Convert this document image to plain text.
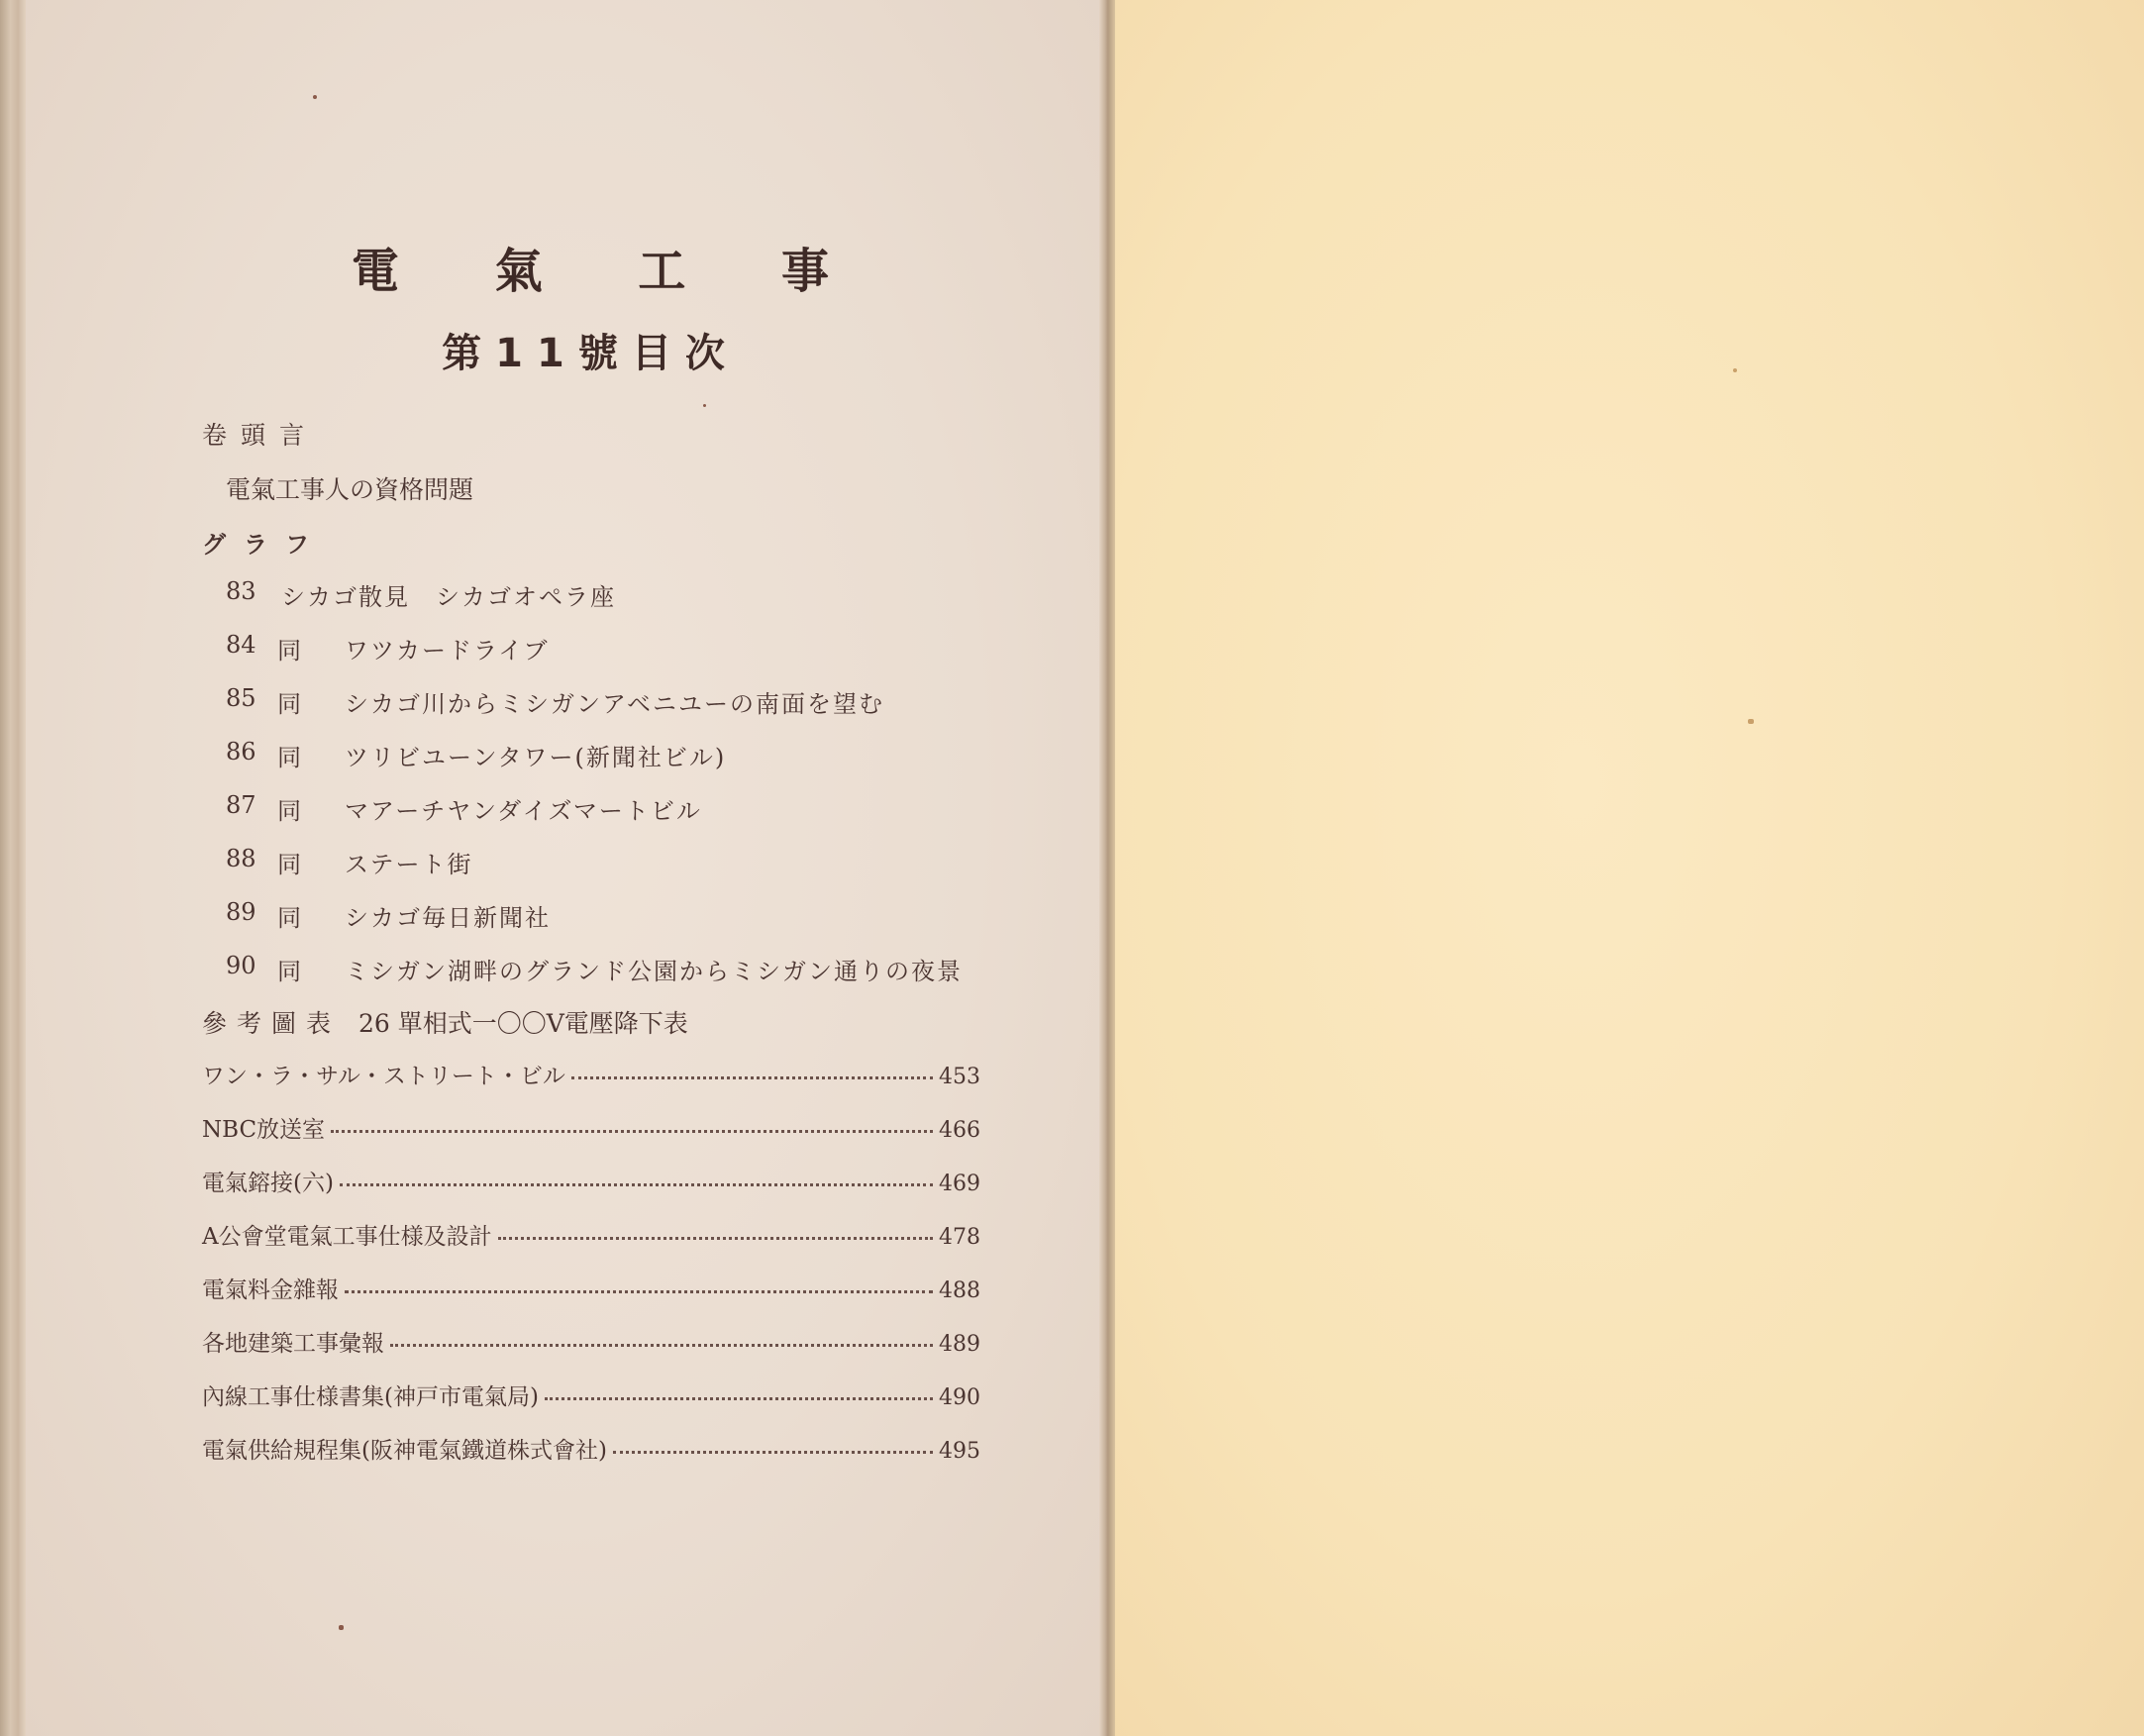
電 氣 工 事
第11號目次
卷頭言
電氣工事人の資格問題
グラフ
83	シカゴ散見　シカゴオペラ座
84 同	ワツカードライブ
85 同	シカゴ川からミシガンアベニユーの南面を望む
86 同	ツリビユーンタワー(新聞社ビル)
87 同	マアーチヤンダイズマートビル
88 同	ステート街
89 同	シカゴ毎日新聞社
90 同	ミシガン湖畔のグランド公園からミシガン通りの夜景
參考圖表 26 單相式一〇〇V電壓降下表
ワン・ラ・サル・ストリート・ビル	453
NBC放送室	466
電氣鎔接(六)	469
A公會堂電氣工事仕様及設計	478
電氣料金雜報	488
各地建築工事彙報	489
內線工事仕様書集(神戸市電氣局)	490
電氣供給規程集(阪神電氣鐵道株式會社)	495
